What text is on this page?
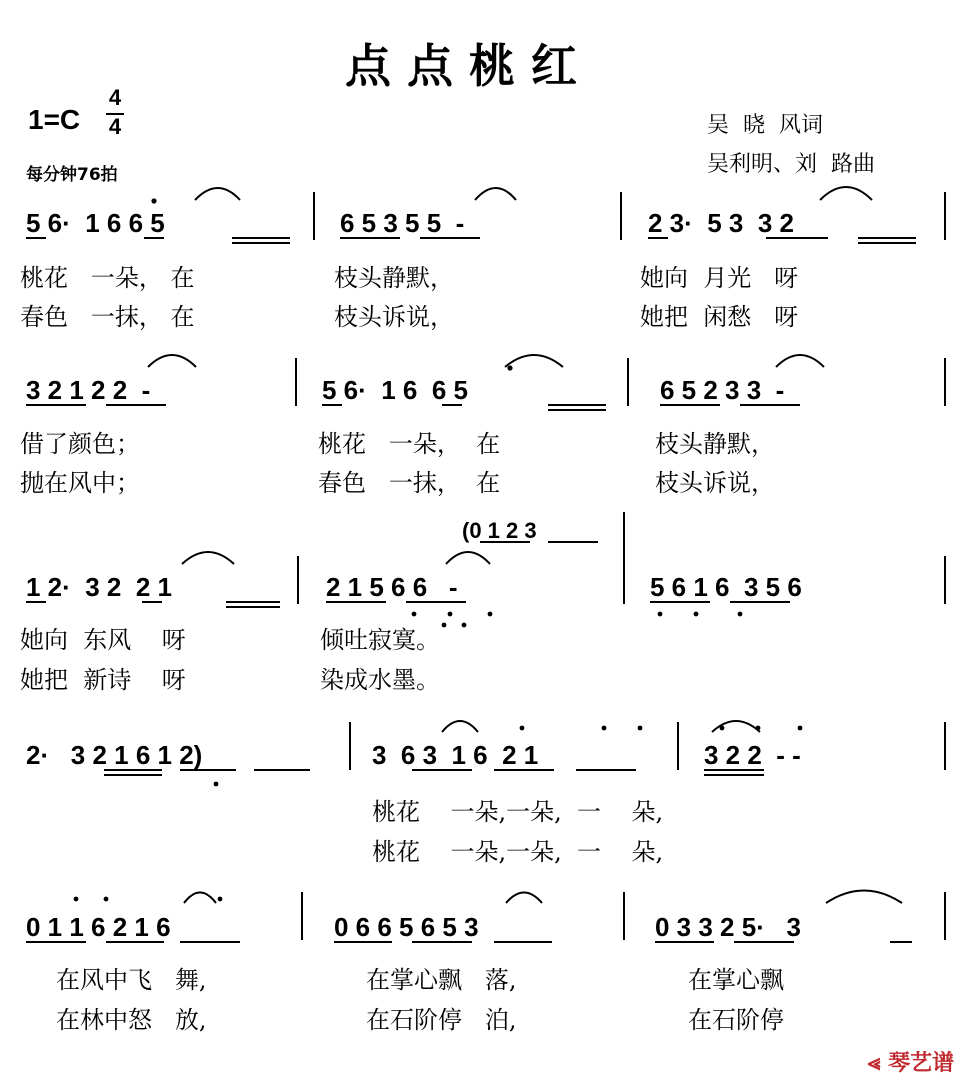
点点桃红
1=C
4
4
每分钟76拍
吴  晓  风词
吴利明、刘  路曲
5 6·  1 6 6 5	6 5 3 5 5  -	2 3·  5 3  3 2
桃花   一朵， 在	枝头静默，	她向  月光   呀
春色   一抹， 在	枝头诉说，	她把  闲愁   呀
3 2 1 2 2  -	5 6·  1 6  6 5	6 5 2 3 3  -
借了颜色；	桃花   一朵，  在	枝头静默，
抛在风中；	春色   一抹，  在	枝头诉说，
(0 1 2 3
1 2·  3 2  2 1	2 1 5 6 6   -	5 6 1 6  3 5 6
她向  东风    呀	倾吐寂寞。
她把  新诗    呀	染成水墨。
2·   3 2 1 6 1 2)	3  6 3  1 6  2 1	3 2 2  - -
桃花    一朵,一朵,  一    朵,
桃花    一朵,一朵,  一    朵,
0 1 1 6 2 1 6	0 6 6 5 6 5 3	0 3 3 2 5·   3
在风中飞   舞,	在掌心飘   落,	在掌心飘
在林中怒   放,	在石阶停   泊,	在石阶停
⪡ 琴艺谱
